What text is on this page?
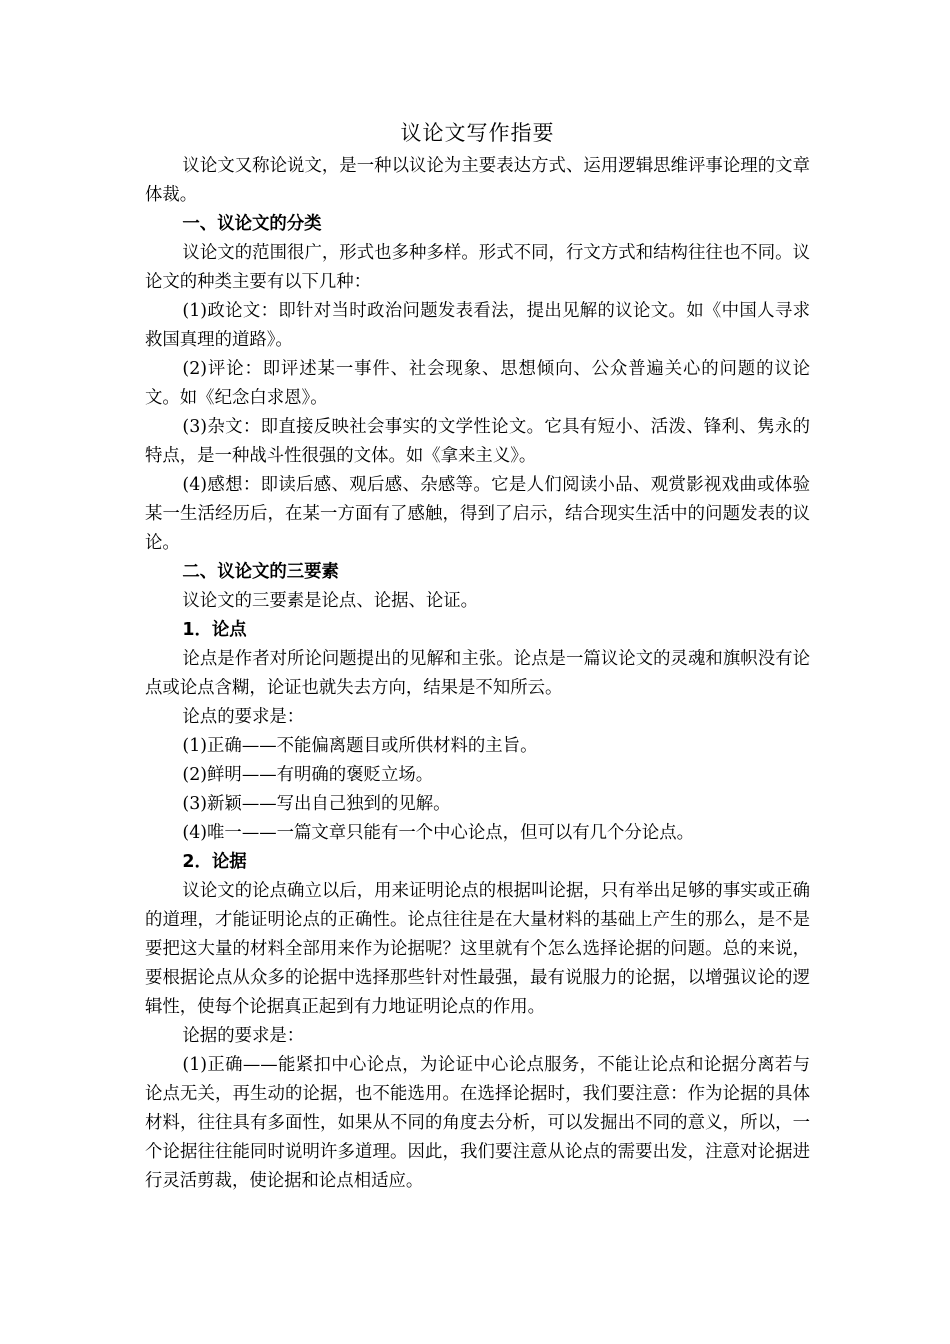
议论文写作指要

议论文又称论说文，是一种以议论为主要表达方式、运用逻辑思维评事论理的文章体裁。

一、议论文的分类

议论文的范围很广，形式也多种多样。形式不同，行文方式和结构往往也不同。议论文的种类主要有以下几种：

(1)政论文：即针对当时政治问题发表看法，提出见解的议论文。如《中国人寻求救国真理的道路》。

(2)评论：即评述某一事件、社会现象、思想倾向、公众普遍关心的问题的议论文。如《纪念白求恩》。

(3)杂文：即直接反映社会事实的文学性论文。它具有短小、活泼、锋利、隽永的特点，是一种战斗性很强的文体。如《拿来主义》。

(4)感想：即读后感、观后感、杂感等。它是人们阅读小品、观赏影视戏曲或体验某一生活经历后，在某一方面有了感触，得到了启示，结合现实生活中的问题发表的议论。

二、议论文的三要素

议论文的三要素是论点、论据、论证。

1．论点

论点是作者对所论问题提出的见解和主张。论点是一篇议论文的灵魂和旗帜没有论点或论点含糊，论证也就失去方向，结果是不知所云。

论点的要求是：

(1)正确——不能偏离题目或所供材料的主旨。

(2)鲜明——有明确的褒贬立场。

(3)新颖——写出自己独到的见解。

(4)唯一——一篇文章只能有一个中心论点，但可以有几个分论点。

2．论据

议论文的论点确立以后，用来证明论点的根据叫论据，只有举出足够的事实或正确的道理，才能证明论点的正确性。论点往往是在大量材料的基础上产生的那么，是不是要把这大量的材料全部用来作为论据呢？这里就有个怎么选择论据的问题。总的来说，要根据论点从众多的论据中选择那些针对性最强，最有说服力的论据，以增强议论的逻辑性，使每个论据真正起到有力地证明论点的作用。

论据的要求是：

(1)正确——能紧扣中心论点，为论证中心论点服务，不能让论点和论据分离若与论点无关，再生动的论据，也不能选用。在选择论据时，我们要注意：作为论据的具体材料，往往具有多面性，如果从不同的角度去分析，可以发掘出不同的意义，所以，一个论据往往能同时说明许多道理。因此，我们要注意从论点的需要出发，注意对论据进行灵活剪裁，使论据和论点相适应。
